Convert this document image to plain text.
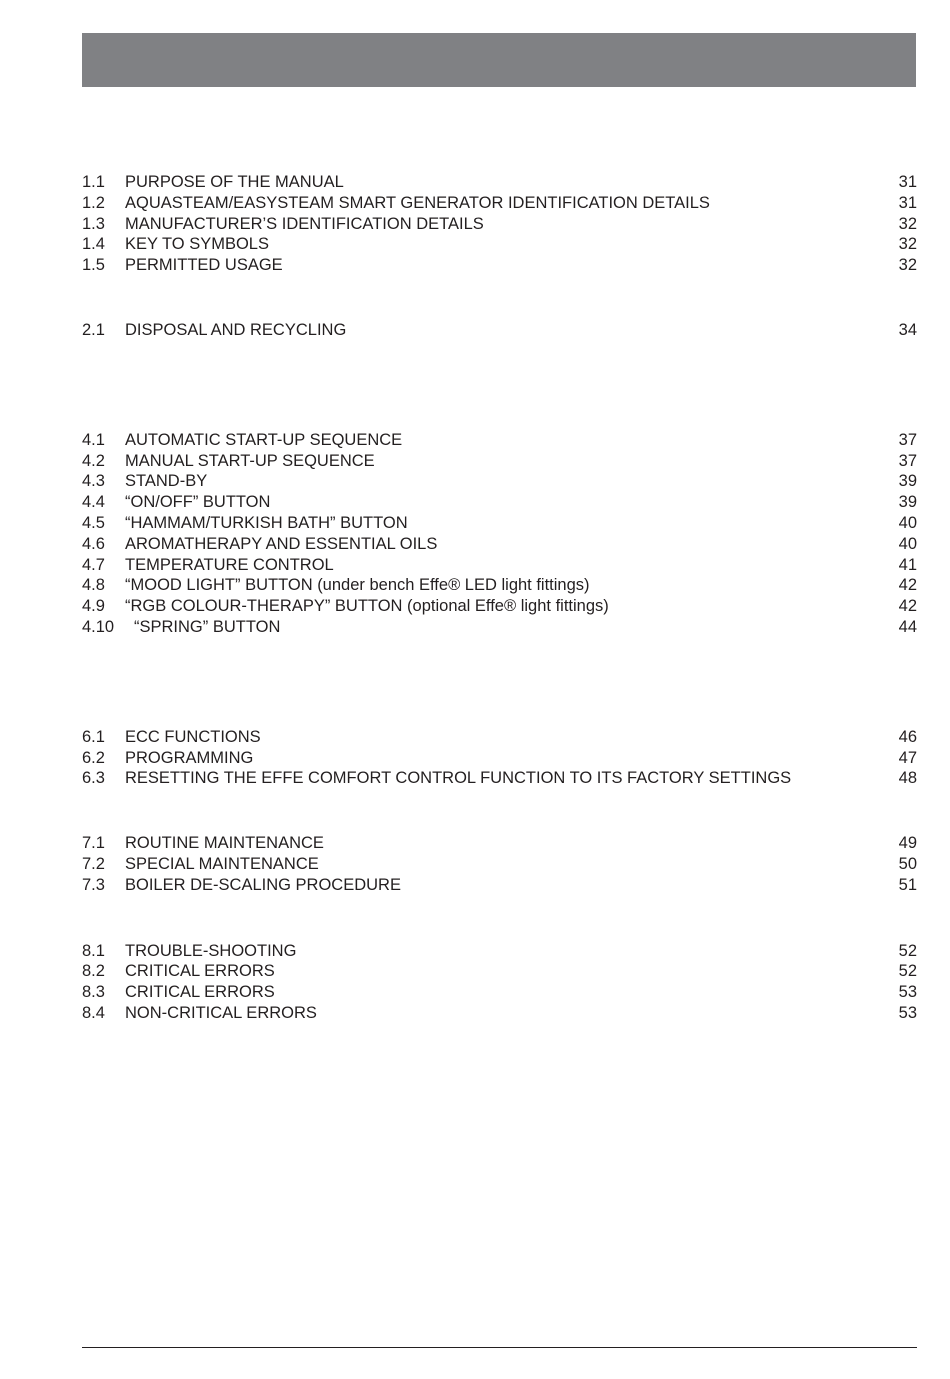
1.1	PURPOSE OF THE MANUAL	31
1.2	AQUASTEAM/EASYSTEAM SMART GENERATOR IDENTIFICATION DETAILS	31
1.3	MANUFACTURER’S IDENTIFICATION DETAILS	32
1.4	KEY TO SYMBOLS	32
1.5	PERMITTED USAGE	32
2.1	DISPOSAL AND RECYCLING	34
4.1	AUTOMATIC START-UP SEQUENCE	37
4.2	MANUAL START-UP SEQUENCE	37
4.3	STAND-BY	39
4.4	“ON/OFF” BUTTON	39
4.5	“HAMMAM/TURKISH BATH” BUTTON	40
4.6	AROMATHERAPY AND ESSENTIAL OILS	40
4.7	TEMPERATURE CONTROL	41
4.8	“MOOD LIGHT” BUTTON (under bench Effe® LED light fittings)	42
4.9	“RGB COLOUR-THERAPY” BUTTON (optional Effe® light fittings)	42
4.10	“SPRING” BUTTON	44
6.1	ECC FUNCTIONS	46
6.2	PROGRAMMING	47
6.3	RESETTING THE EFFE COMFORT CONTROL FUNCTION TO ITS FACTORY SETTINGS	48
7.1	ROUTINE MAINTENANCE	49
7.2	SPECIAL MAINTENANCE	50
7.3	BOILER DE-SCALING PROCEDURE	51
8.1	TROUBLE-SHOOTING	52
8.2	CRITICAL ERRORS	52
8.3	CRITICAL ERRORS	53
8.4	NON-CRITICAL ERRORS	53
